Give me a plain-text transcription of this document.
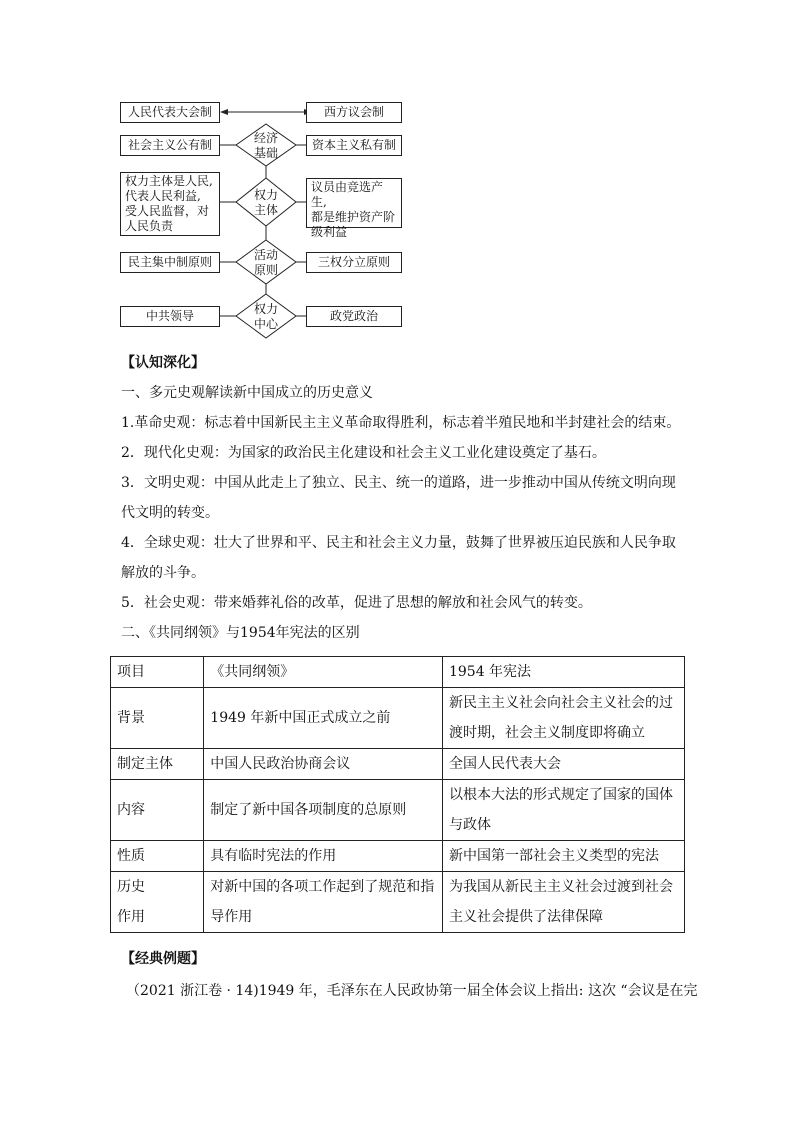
人民代表大会制	西方议会制
社会主义公有制	资本主义私有制
经济
基础
权力主体是人民,
代表人民利益,
受人民监督，对
人民负责
议员由竞选产生,
都是维护资产阶
级利益
权力
主体
民主集中制原则	三权分立原则
活动
原则
中共领导	政党政治
权力
中心
【认知深化】
一、多元史观解读新中国成立的历史意义
1.革命史观：标志着中国新民主主义革命取得胜利，标志着半殖民地和半封建社会的结束。
2．现代化史观：为国家的政治民主化建设和社会主义工业化建设奠定了基石。
3．文明史观：中国从此走上了独立、民主、统一的道路，进一步推动中国从传统文明向现
代文明的转变。
4．全球史观：壮大了世界和平、民主和社会主义力量，鼓舞了世界被压迫民族和人民争取
解放的斗争。
5．社会史观：带来婚葬礼俗的改革，促进了思想的解放和社会风气的转变。
二、《共同纲领》与1954年宪法的区别
项目	《共同纲领》	1954 年宪法

背景	1949 年新中国正式成立之前	新民主主义社会向社会主义社会的过
渡时期，社会主义制度即将确立

制定主体	中国人民政治协商会议	全国人民代表大会

内容	制定了新中国各项制度的总原则	以根本大法的形式规定了国家的国体
与政体

性质	具有临时宪法的作用	新中国第一部社会主义类型的宪法

历史
作用	对新中国的各项工作起到了规范和指
导作用	为我国从新民主主义社会过渡到社会
主义社会提供了法律保障
【经典例题】
（2021 浙江卷 · 14)1949 年，毛泽东在人民政协第一届全体会议上指出: 这次 “会议是在完
